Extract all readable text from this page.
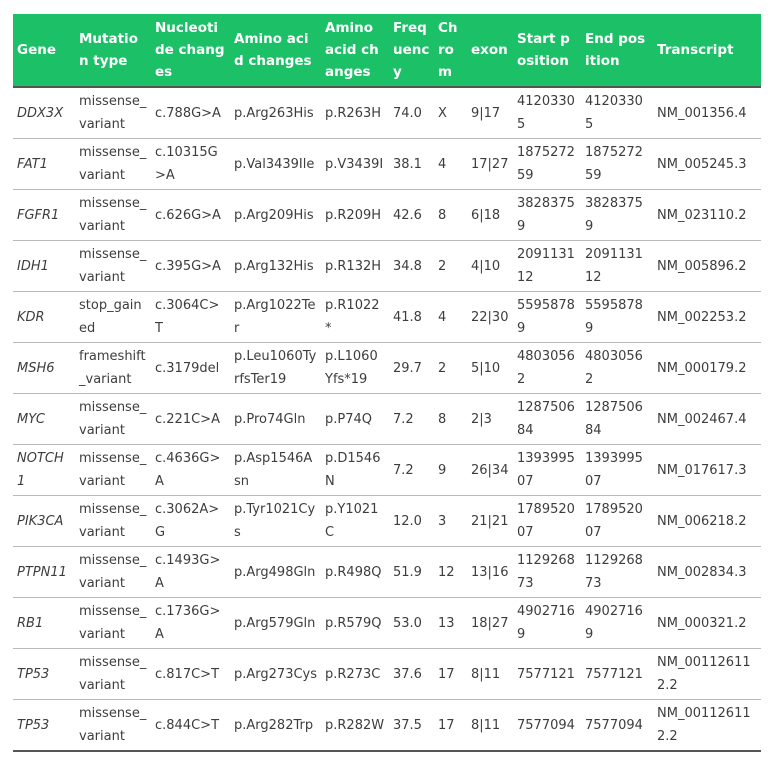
Gene	Mutation type	Nucleotide changes	Amino acid changes	Amino acid changes	Frequency	Chrom	exon	Start position	End position	Transcript
DDX3X	missense_variant	c.788G>A	p.Arg263His	p.R263H	74.0	X	9|17	41203305	41203305	NM_001356.4
FAT1	missense_variant	c.10315G>A	p.Val3439Ile	p.V3439I	38.1	4	17|27	187527259	187527259	NM_005245.3
FGFR1	missense_variant	c.626G>A	p.Arg209His	p.R209H	42.6	8	6|18	38283759	38283759	NM_023110.2
IDH1	missense_variant	c.395G>A	p.Arg132His	p.R132H	34.8	2	4|10	209113112	209113112	NM_005896.2
KDR	stop_gained	c.3064C>T	p.Arg1022Ter	p.R1022*	41.8	4	22|30	55958789	55958789	NM_002253.2
MSH6	frameshift_variant	c.3179del	p.Leu1060TyrfsTer19	p.L1060Yfs*19	29.7	2	5|10	48030562	48030562	NM_000179.2
MYC	missense_variant	c.221C>A	p.Pro74Gln	p.P74Q	7.2	8	2|3	128750684	128750684	NM_002467.4
NOTCH1	missense_variant	c.4636G>A	p.Asp1546Asn	p.D1546N	7.2	9	26|34	139399507	139399507	NM_017617.3
PIK3CA	missense_variant	c.3062A>G	p.Tyr1021Cys	p.Y1021C	12.0	3	21|21	178952007	178952007	NM_006218.2
PTPN11	missense_variant	c.1493G>A	p.Arg498Gln	p.R498Q	51.9	12	13|16	112926873	112926873	NM_002834.3
RB1	missense_variant	c.1736G>A	p.Arg579Gln	p.R579Q	53.0	13	18|27	49027169	49027169	NM_000321.2
TP53	missense_variant	c.817C>T	p.Arg273Cys	p.R273C	37.6	17	8|11	7577121	7577121	NM_001126112.2
TP53	missense_variant	c.844C>T	p.Arg282Trp	p.R282W	37.5	17	8|11	7577094	7577094	NM_001126112.2
